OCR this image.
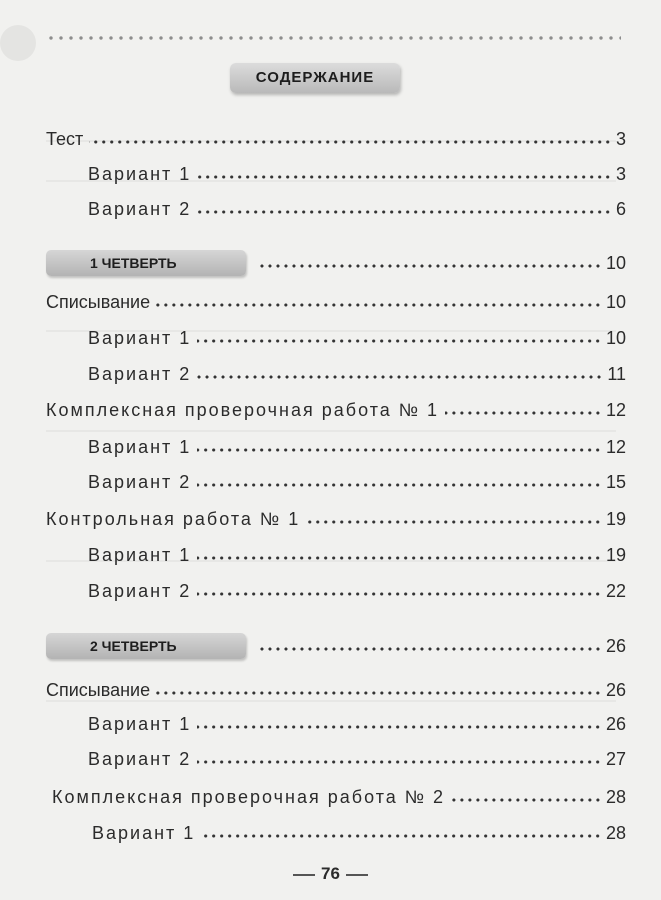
СОДЕРЖАНИЕ
Тест	3
Вариант 1	3
Вариант 2	6
1 ЧЕТВЕРТЬ	10
Списывание	10
Вариант 1	10
Вариант 2	11
Комплексная проверочная работа № 1	12
Вариант 1	12
Вариант 2	15
Контрольная работа № 1	19
Вариант 1	19
Вариант 2	22
2 ЧЕТВЕРТЬ	26
Списывание	26
Вариант 1	26
Вариант 2	27
Комплексная проверочная работа № 2	28
Вариант 1	28
76
